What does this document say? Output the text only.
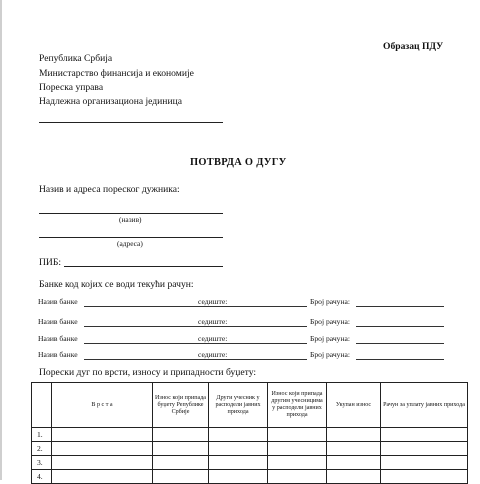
Образац ПДУ
Република Србија
Министарство финансија и економије
Пореска управа
Надлежна организациона јединица
ПОТВРДА О ДУГУ
Назив и адреса пореског дужника:
(назив)
(адреса)
ПИБ:
Банке код којих се води текући рачун:
Назив банке	седиште:	Број рачуна:
Назив банке	седиште:	Број рачуна:
Назив банке	седиште:	Број рачуна:
Назив банке	седиште:	Број рачуна:
Порески дуг по врсти, износу и припадности буџету:
	В р с т а	Износ који припада буџету Републике Србије	Други учесник у расподели јавних прихода	Износ који припада другим учесницима у расподели јавних прихода	Укупан износ	Рачун за уплату јавних прихода
1.						
2.						
3.						
4.						
